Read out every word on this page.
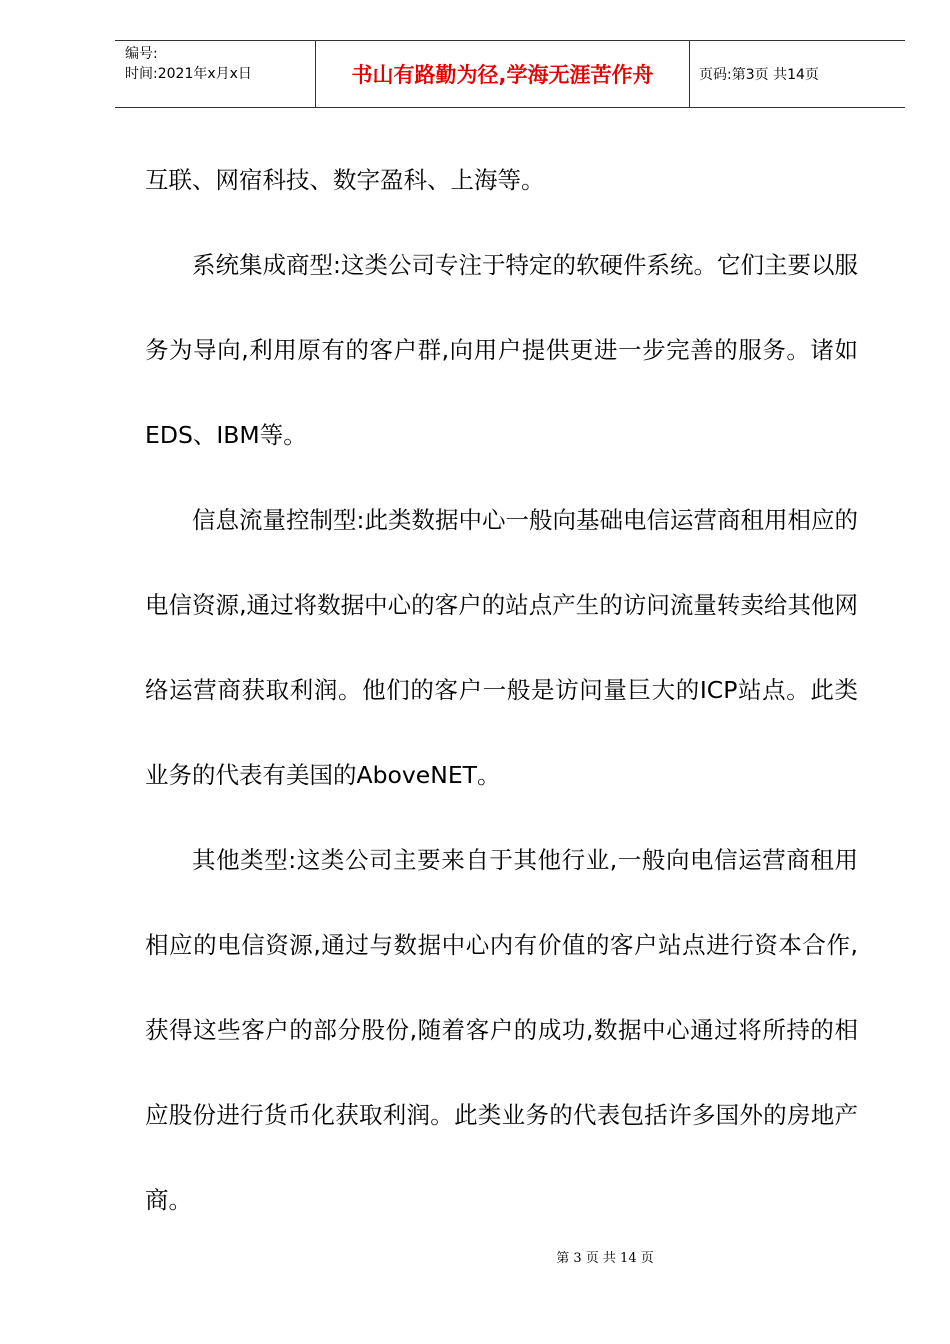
编号:
时间:2021年x月x日	书山有路勤为径,学海无涯苦作舟	页码:第3页 共14页

互联、网宿科技、数字盈科、上海等。

系统集成商型:这类公司专注于特定的软硬件系统。它们主要以服务为导向,利用原有的客户群,向用户提供更进一步完善的服务。诸如EDS、IBM等。

信息流量控制型:此类数据中心一般向基础电信运营商租用相应的电信资源,通过将数据中心的客户的站点产生的访问流量转卖给其他网络运营商获取利润。他们的客户一般是访问量巨大的ICP站点。此类业务的代表有美国的AboveNET。

其他类型:这类公司主要来自于其他行业,一般向电信运营商租用相应的电信资源,通过与数据中心内有价值的客户站点进行资本合作,获得这些客户的部分股份,随着客户的成功,数据中心通过将所持的相应股份进行货币化获取利润。此类业务的代表包括许多国外的房地产商。

第 3 页 共 14 页
